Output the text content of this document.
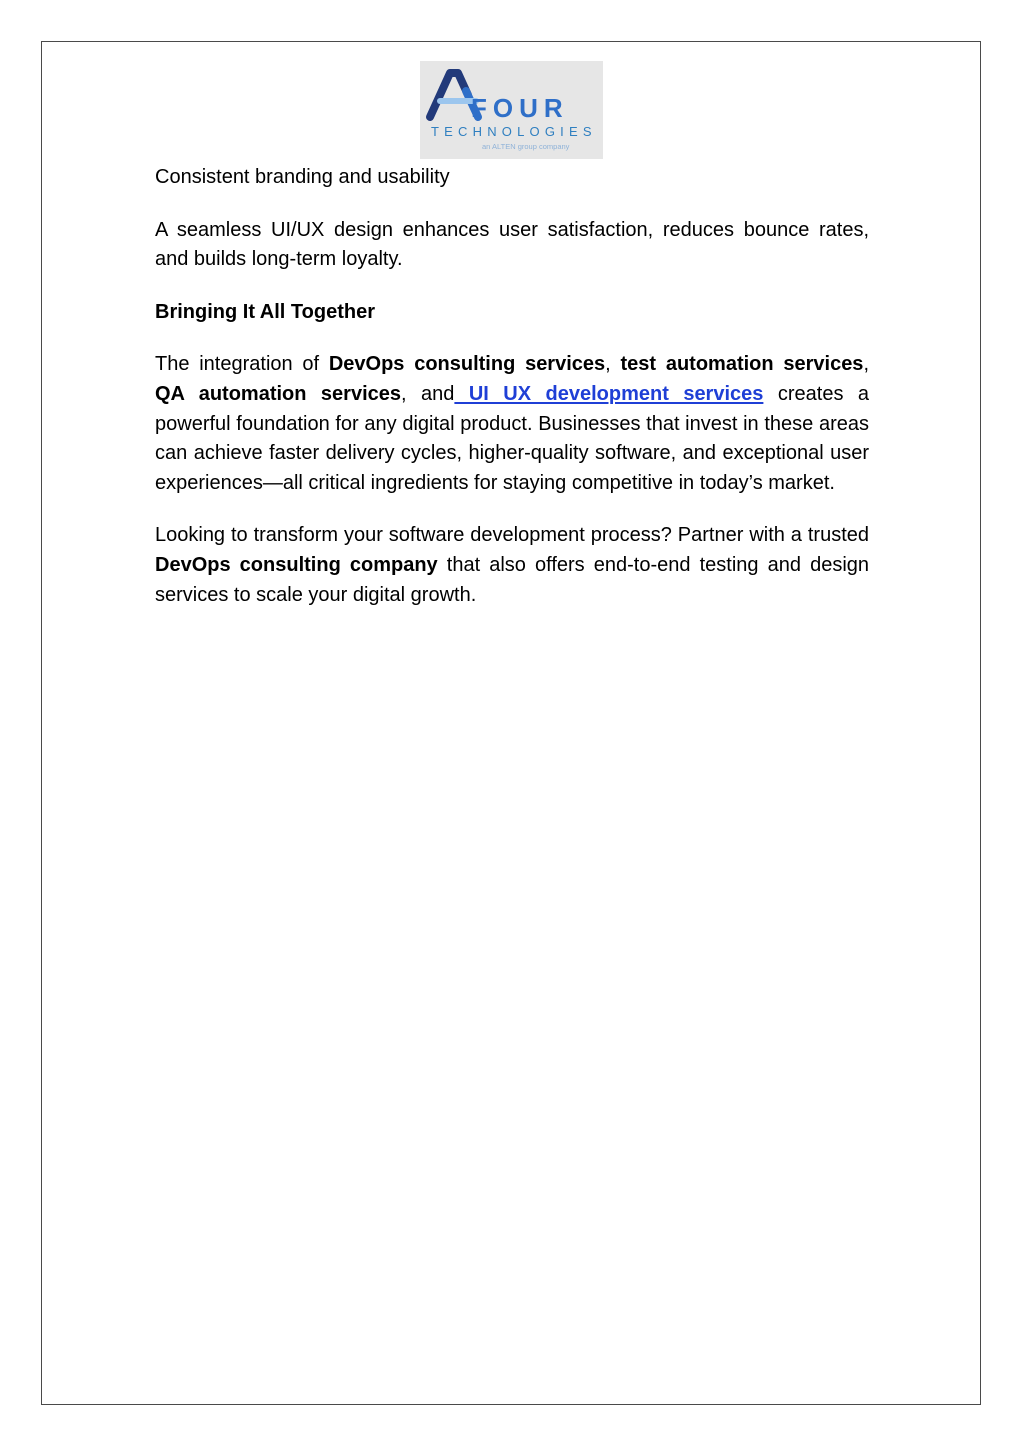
FOUR
TECHNOLOGIES
an ALTEN group company

Consistent branding and usability

A seamless UI/UX design enhances user satisfaction, reduces bounce rates, and builds long-term loyalty.

Bringing It All Together

The integration of DevOps consulting services, test automation services, QA automation services, and UI UX development services creates a powerful foundation for any digital product. Businesses that invest in these areas can achieve faster delivery cycles, higher-quality software, and exceptional user experiences—all critical ingredients for staying competitive in today’s market.

Looking to transform your software development process? Partner with a trusted DevOps consulting company that also offers end-to-end testing and design services to scale your digital growth.
